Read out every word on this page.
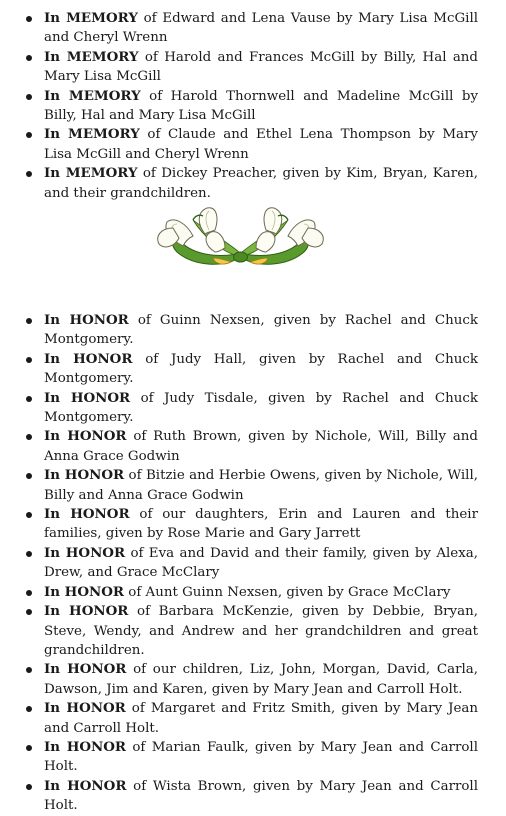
In MEMORY of Edward and Lena Vause by Mary Lisa McGill and Cheryl Wrenn
In MEMORY of Harold and Frances McGill by Billy, Hal and Mary Lisa McGill
In MEMORY of Harold Thornwell and Madeline McGill by Billy, Hal and Mary Lisa McGill
In MEMORY of Claude and Ethel Lena Thompson by Mary Lisa McGill and Cheryl Wrenn
In MEMORY of Dickey Preacher, given by Kim, Bryan, Karen, and their grandchildren.
In HONOR of Guinn Nexsen, given by Rachel and Chuck Montgomery.
In HONOR of Judy Hall, given by Rachel and Chuck Montgomery.
In HONOR of Judy Tisdale, given by Rachel and Chuck Montgomery.
In HONOR of Ruth Brown, given by Nichole, Will, Billy and Anna Grace Godwin
In HONOR of Bitzie and Herbie Owens, given by Nichole, Will, Billy and Anna Grace Godwin
In HONOR of our daughters, Erin and Lauren and their families, given by Rose Marie and Gary Jarrett
In HONOR of Eva and David and their family, given by Alexa, Drew, and Grace McClary
In HONOR of Aunt Guinn Nexsen, given by Grace McClary
In HONOR of Barbara McKenzie, given by Debbie, Bryan, Steve, Wendy, and Andrew and her grandchildren and great grandchildren.
In HONOR of our children, Liz, John, Morgan, David, Carla, Dawson, Jim and Karen, given by Mary Jean and Carroll Holt.
In HONOR of Margaret and Fritz Smith, given by Mary Jean and Carroll Holt.
In HONOR of Marian Faulk, given by Mary Jean and Carroll Holt.
In HONOR of Wista Brown, given by Mary Jean and Carroll Holt.
